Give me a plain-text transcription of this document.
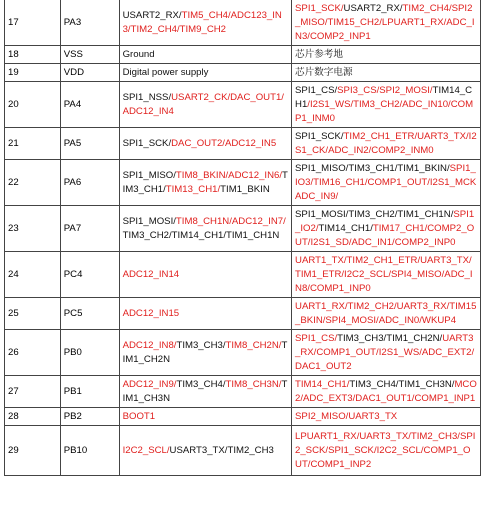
17	PA3	USART2_RX/TIM5_CH4/ADC123_IN3/TIM2_CH4/TIM9_CH2	SPI1_SCK/USART2_RX/TIM2_CH4/SPI2_MISO/TIM15_CH2/LPUART1_RX/ADC_IN3/COMP2_INP1
18	VSS	Ground	芯片参考地
19	VDD	Digital power supply	芯片数字电源
20	PA4	SPI1_NSS/USART2_CK/DAC_OUT1/ADC12_IN4	SPI1_CS/SPI3_CS/SPI2_MOSI/TIM14_CH1/I2S1_WS/TIM3_CH2/ADC_IN10/COMP1_INM0
21	PA5	SPI1_SCK/DAC_OUT2/ADC12_IN5	SPI1_SCK/TIM2_CH1_ETR/UART3_TX/I2S1_CK/ADC_IN2/COMP2_INM0
22	PA6	SPI1_MISO/TIM8_BKIN/ADC12_IN6/TIM3_CH1/TIM13_CH1/TIM1_BKIN	SPI1_MISO/TIM3_CH1/TIM1_BKIN/SPI1_IO3/TIM16_CH1/COMP1_OUT/I2S1_MCKADC_IN9/
23	PA7	SPI1_MOSI/TIM8_CH1N/ADC12_IN7/TIM3_CH2/TIM14_CH1/TIM1_CH1N	SPI1_MOSI/TIM3_CH2/TIM1_CH1N/SPI1_IO2/TIM14_CH1/TIM17_CH1/COMP2_OUT/I2S1_SD/ADC_IN1/COMP2_INP0
24	PC4	ADC12_IN14	UART1_TX/TIM2_CH1_ETR/UART3_TX/TIM1_ETR/I2C2_SCL/SPI4_MISO/ADC_IN8/COMP1_INP0
25	PC5	ADC12_IN15	UART1_RX/TIM2_CH2/UART3_RX/TIM15_BKIN/SPI4_MOSI/ADC_IN0/WKUP4
26	PB0	ADC12_IN8/TIM3_CH3/TIM8_CH2N/TIM1_CH2N	SPI1_CS/TIM3_CH3/TIM1_CH2N/UART3_RX/COMP1_OUT/I2S1_WS/ADC_EXT2/DAC1_OUT2
27	PB1	ADC12_IN9/TIM3_CH4/TIM8_CH3N/TIM1_CH3N	TIM14_CH1/TIM3_CH4/TIM1_CH3N/MCO2/ADC_EXT3/DAC1_OUT1/COMP1_INP1
28	PB2	BOOT1	SPI2_MISO/UART3_TX
29	PB10	I2C2_SCL/USART3_TX/TIM2_CH3	LPUART1_RX/UART3_TX/TIM2_CH3/SPI2_SCK/SPI1_SCK/I2C2_SCL/COMP1_OUT/COMP1_INP2
